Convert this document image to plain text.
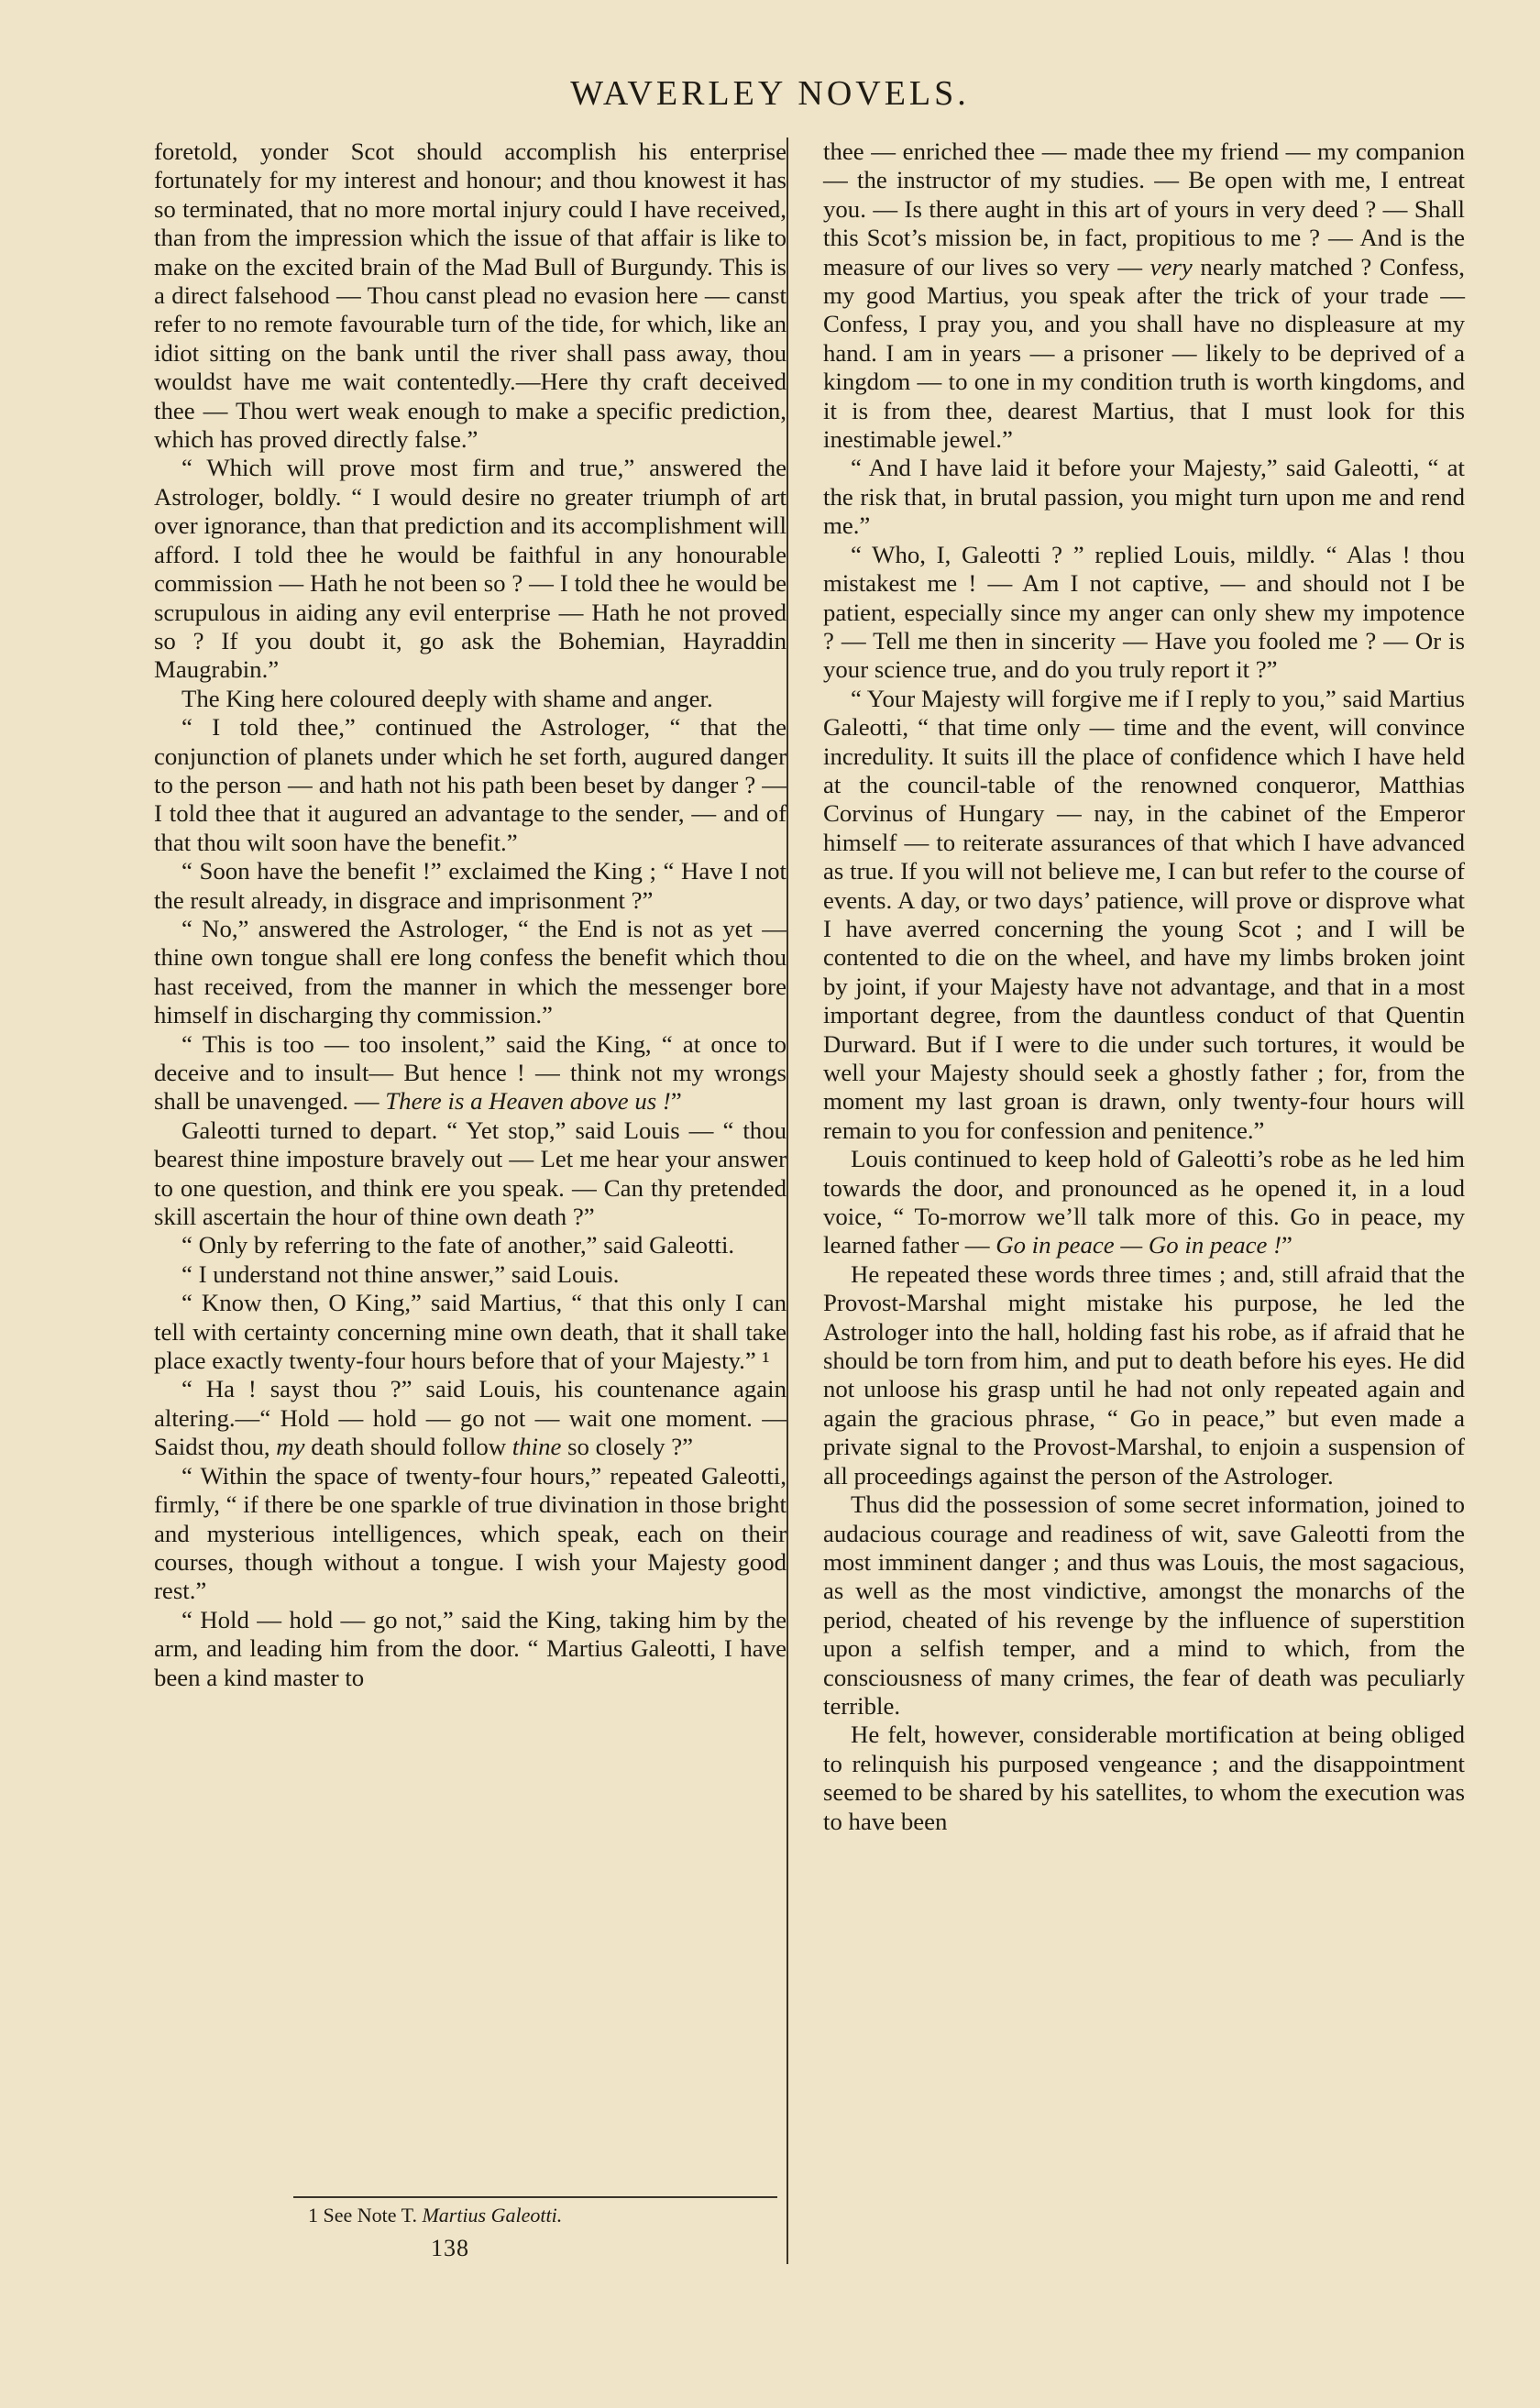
WAVERLEY NOVELS.

foretold, yonder Scot should accomplish his enterprise fortunately for my interest and honour; and thou knowest it has so terminated, that no more mortal injury could I have received, than from the impression which the issue of that affair is like to make on the excited brain of the Mad Bull of Burgundy. This is a direct falsehood — Thou canst plead no evasion here — canst refer to no remote favourable turn of the tide, for which, like an idiot sitting on the bank until the river shall pass away, thou wouldst have me wait contentedly.—Here thy craft deceived thee — Thou wert weak enough to make a specific prediction, which has proved directly false.”

“ Which will prove most firm and true,” answered the Astrologer, boldly. “ I would desire no greater triumph of art over ignorance, than that prediction and its accomplishment will afford. I told thee he would be faithful in any honourable commission — Hath he not been so ? — I told thee he would be scrupulous in aiding any evil enterprise — Hath he not proved so ? If you doubt it, go ask the Bohemian, Hayraddin Maugrabin.”

The King here coloured deeply with shame and anger.

“ I told thee,” continued the Astrologer, “ that the conjunction of planets under which he set forth, augured danger to the person — and hath not his path been beset by danger ? — I told thee that it augured an advantage to the sender, — and of that thou wilt soon have the benefit.”

“ Soon have the benefit !” exclaimed the King ; “ Have I not the result already, in disgrace and imprisonment ?”

“ No,” answered the Astrologer, “ the End is not as yet — thine own tongue shall ere long confess the benefit which thou hast received, from the manner in which the messenger bore himself in discharging thy commission.”

“ This is too — too insolent,” said the King, “ at once to deceive and to insult— But hence ! — think not my wrongs shall be unavenged. — There is a Heaven above us !”

Galeotti turned to depart. “ Yet stop,” said Louis — “ thou bearest thine imposture bravely out — Let me hear your answer to one question, and think ere you speak. — Can thy pretended skill ascertain the hour of thine own death ?”

“ Only by referring to the fate of another,” said Galeotti.

“ I understand not thine answer,” said Louis.

“ Know then, O King,” said Martius, “ that this only I can tell with certainty concerning mine own death, that it shall take place exactly twenty-four hours before that of your Majesty.” ¹

“ Ha ! sayst thou ?” said Louis, his countenance again altering.—“ Hold — hold — go not — wait one moment. — Saidst thou, my death should follow thine so closely ?”

“ Within the space of twenty-four hours,” repeated Galeotti, firmly, “ if there be one sparkle of true divination in those bright and mysterious intelligences, which speak, each on their courses, though without a tongue. I wish your Majesty good rest.”

“ Hold — hold — go not,” said the King, taking him by the arm, and leading him from the door. “ Martius Galeotti, I have been a kind master to

thee — enriched thee — made thee my friend — my companion — the instructor of my studies. — Be open with me, I entreat you. — Is there aught in this art of yours in very deed ? — Shall this Scot’s mission be, in fact, propitious to me ? — And is the measure of our lives so very — very nearly matched ? Confess, my good Martius, you speak after the trick of your trade — Confess, I pray you, and you shall have no displeasure at my hand. I am in years — a prisoner — likely to be deprived of a kingdom — to one in my condition truth is worth kingdoms, and it is from thee, dearest Martius, that I must look for this inestimable jewel.”

“ And I have laid it before your Majesty,” said Galeotti, “ at the risk that, in brutal passion, you might turn upon me and rend me.”

“ Who, I, Galeotti ? ” replied Louis, mildly. “ Alas ! thou mistakest me ! — Am I not captive, — and should not I be patient, especially since my anger can only shew my impotence ? — Tell me then in sincerity — Have you fooled me ? — Or is your science true, and do you truly report it ?”

“ Your Majesty will forgive me if I reply to you,” said Martius Galeotti, “ that time only — time and the event, will convince incredulity. It suits ill the place of confidence which I have held at the council-table of the renowned conqueror, Matthias Corvinus of Hungary — nay, in the cabinet of the Emperor himself — to reiterate assurances of that which I have advanced as true. If you will not believe me, I can but refer to the course of events. A day, or two days’ patience, will prove or disprove what I have averred concerning the young Scot ; and I will be contented to die on the wheel, and have my limbs broken joint by joint, if your Majesty have not advantage, and that in a most important degree, from the dauntless conduct of that Quentin Durward. But if I were to die under such tortures, it would be well your Majesty should seek a ghostly father ; for, from the moment my last groan is drawn, only twenty-four hours will remain to you for confession and penitence.”

Louis continued to keep hold of Galeotti’s robe as he led him towards the door, and pronounced as he opened it, in a loud voice, “ To-morrow we’ll talk more of this. Go in peace, my learned father — Go in peace — Go in peace !”

He repeated these words three times ; and, still afraid that the Provost-Marshal might mistake his purpose, he led the Astrologer into the hall, holding fast his robe, as if afraid that he should be torn from him, and put to death before his eyes. He did not unloose his grasp until he had not only repeated again and again the gracious phrase, “ Go in peace,” but even made a private signal to the Provost-Marshal, to enjoin a suspension of all proceedings against the person of the Astrologer.

Thus did the possession of some secret information, joined to audacious courage and readiness of wit, save Galeotti from the most imminent danger ; and thus was Louis, the most sagacious, as well as the most vindictive, amongst the monarchs of the period, cheated of his revenge by the influence of superstition upon a selfish temper, and a mind to which, from the consciousness of many crimes, the fear of death was peculiarly terrible.

He felt, however, considerable mortification at being obliged to relinquish his purposed vengeance ; and the disappointment seemed to be shared by his satellites, to whom the execution was to have been

1 See Note T. Martius Galeotti.
138
